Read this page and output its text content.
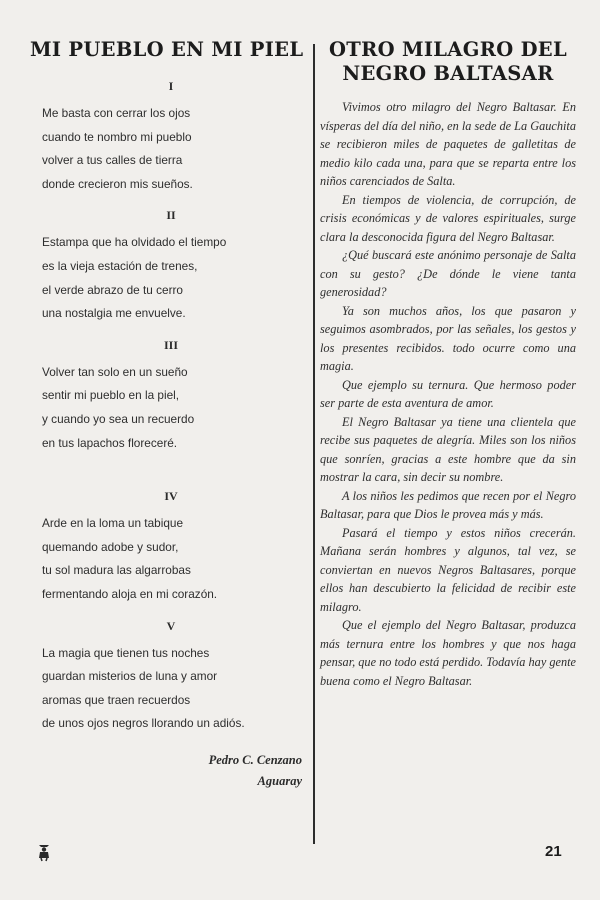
MI PUEBLO EN MI PIEL
I
Me basta con cerrar los ojos
cuando te nombro mi pueblo
volver a tus calles de tierra
donde crecieron mis sueños.
II
Estampa que ha olvidado el tiempo
es la vieja estación de trenes,
el verde abrazo de tu cerro
una nostalgia me envuelve.
III
Volver tan solo en un sueño
sentir mi pueblo en la piel,
y cuando yo sea un recuerdo
en tus lapachos floreceré.
IV
Arde en la loma un tabique
quemando adobe y sudor,
tu sol madura las algarrobas
fermentando aloja en mi corazón.
V
La magia que tienen tus noches
guardan misterios de luna y amor
aromas que traen recuerdos
de unos ojos negros llorando un adiós.
Pedro C. Cenzano
Aguaray
OTRO MILAGRO DEL
NEGRO BALTASAR

Vivimos otro milagro del Negro Baltasar. En vísperas del día del niño, en la sede de La Gauchita se recibieron miles de paquetes de galletitas de medio kilo cada una, para que se reparta entre los niños carenciados de Salta.

En tiempos de violencia, de corrupción, de crisis económicas y de valores espirituales, surge clara la desconocida figura del Negro Baltasar.

¿Qué buscará este anónimo personaje de Salta con su gesto? ¿De dónde le viene tanta generosidad?

Ya son muchos años, los que pasaron y seguimos asombrados, por las señales, los gestos y los presentes recibidos. todo ocurre como una magia.

Que ejemplo su ternura. Que hermoso poder ser parte de esta aventura de amor.

El Negro Baltasar ya tiene una clientela que recibe sus paquetes de alegría. Miles son los niños que sonríen, gracias a este hombre que da sin mostrar la cara, sin decir su nombre.

A los niños les pedimos que recen por el Negro Baltasar, para que Dios le provea más y más.

Pasará el tiempo y estos niños crecerán. Mañana serán hombres y algunos, tal vez, se conviertan en nuevos Negros Baltasares, porque ellos han descubierto la felicidad de recibir este milagro.

Que el ejemplo del Negro Baltasar, produzca más ternura entre los hombres y que nos haga pensar, que no todo está perdido. Todavía hay gente buena como el Negro Baltasar.

21
